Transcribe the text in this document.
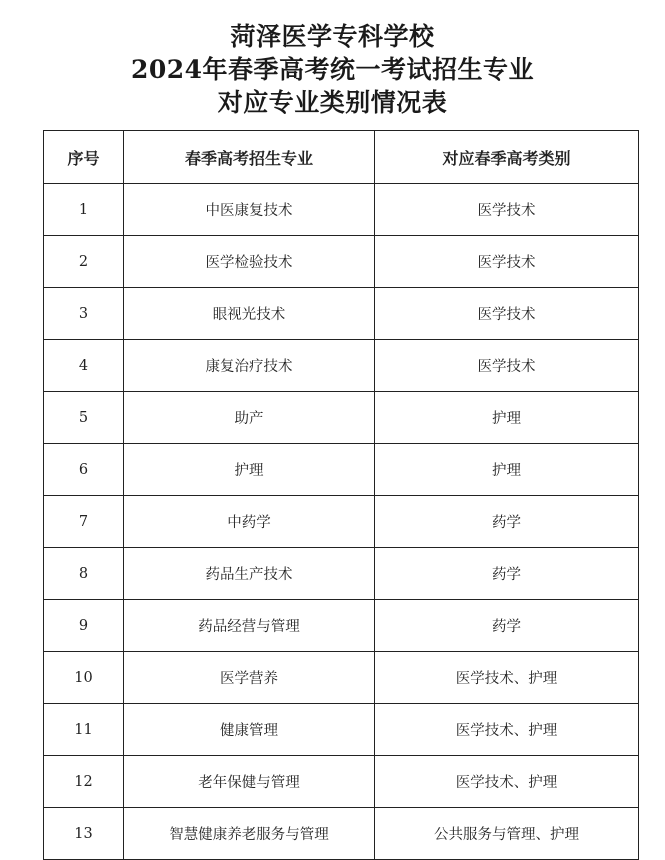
菏泽医学专科学校
2024年春季高考统一考试招生专业
对应专业类别情况表
序号	春季高考招生专业	对应春季高考类别
1	中医康复技术	医学技术
2	医学检验技术	医学技术
3	眼视光技术	医学技术
4	康复治疗技术	医学技术
5	助产	护理
6	护理	护理
7	中药学	药学
8	药品生产技术	药学
9	药品经营与管理	药学
10	医学营养	医学技术、护理
11	健康管理	医学技术、护理
12	老年保健与管理	医学技术、护理
13	智慧健康养老服务与管理	公共服务与管理、护理
